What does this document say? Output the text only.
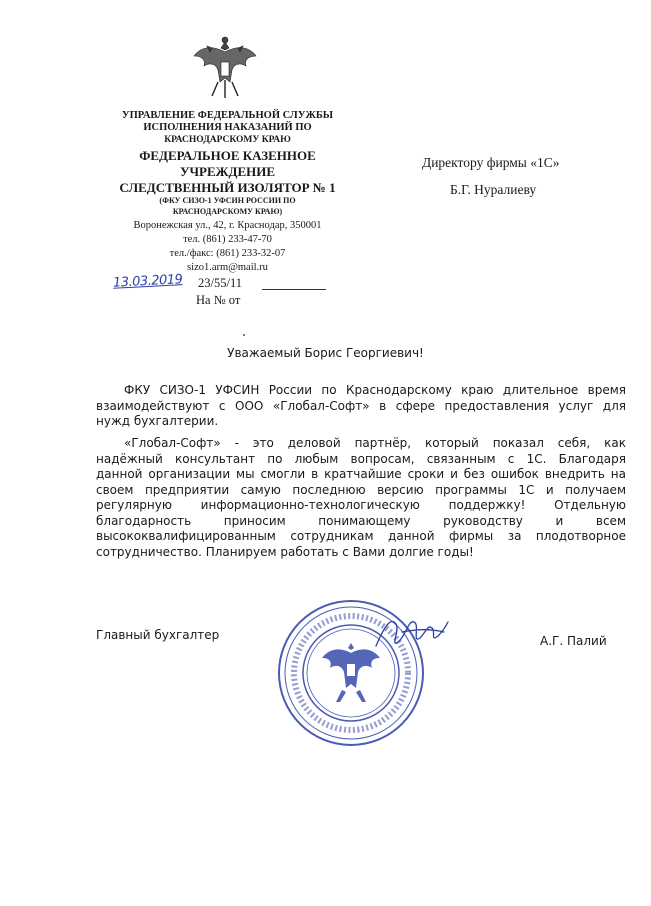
УПРАВЛЕНИЕ ФЕДЕРАЛЬНОЙ СЛУЖБЫ
ИСПОЛНЕНИЯ НАКАЗАНИЙ ПО
КРАСНОДАРСКОМУ КРАЮ
ФЕДЕРАЛЬНОЕ КАЗЕННОЕ
УЧРЕЖДЕНИЕ
СЛЕДСТВЕННЫЙ ИЗОЛЯТОР № 1
(ФКУ СИЗО-1 УФСИН РОССИИ ПО
КРАСНОДАРСКОМУ КРАЮ)
Воронежская ул., 42, г. Краснодар, 350001
тел. (861) 233-47-70
тел./факс: (861) 233-32-07
sizo1.arm@mail.ru
13.03.2019 23/55/11
На № от
Директору фирмы «1С»
Б.Г. Нуралиеву
Уважаемый Борис Георгиевич!
ФКУ СИЗО-1 УФСИН России по Краснодарскому краю длительное время
взаимодействуют с ООО «Глобал-Софт» в сфере предоставления услуг для
нужд бухгалтерии.
«Глобал-Софт» - это деловой партнёр, который показал себя, как
надёжный консультант по любым вопросам, связанным с 1С. Благодаря
данной организации мы смогли в кратчайшие сроки и без ошибок внедрить на
своем предприятии самую последнюю версию программы 1С и получаем
регулярную информационно-технологическую поддержку! Отдельную
благодарность приносим понимающему руководству и всем
высококвалифицированным сотрудникам данной фирмы за плодотворное
сотрудничество. Планируем работать с Вами долгие годы!
Главный бухгалтер	А.Г. Палий
